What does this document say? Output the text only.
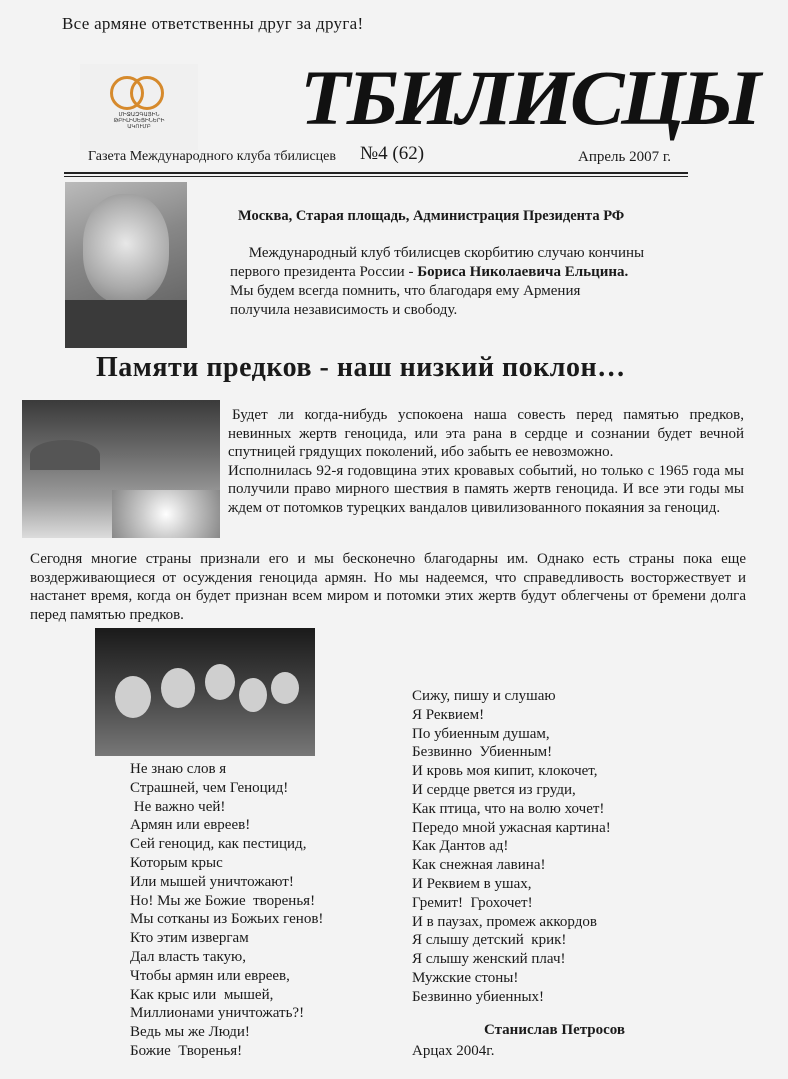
Все армяне ответственны друг за друга!
ՄԻՋԱԶԳԱՅԻՆ
ԹԲԻԼԻՍԵՑԻՆԵՐԻ
ԱԿՈՒՄԲ	ТБИЛИСЦЫ
Газета Международного клуба тбилисцев №4 (62)	Апрель 2007 г.
Москва, Старая площадь, Администрация Президента РФ

Международный клуб тбилисцев скорбитию случаю кончины

первого президента России - Бориса Николаевича Ельцина.

Мы будем всегда помнить, что благодаря ему Армения

получила независимость и свободу.

Памяти предков - наш низкий поклон…
Будет ли когда-нибудь успокоена наша совесть перед памятью предков, невинных жертв геноцида, или эта рана в сердце и сознании будет вечной спутницей грядущих поколений, ибо забыть ее невозможно.
Исполнилась 92-я годовщина этих кровавых событий, но только с 1965 года мы получили право мирного шествия в память жертв геноцида. И все эти годы мы ждем от потомков турецких вандалов цивилизованного покаяния за геноцид.
Сегодня многие страны признали его и мы бесконечно благодарны им. Однако есть страны пока еще воздерживающиеся от осуждения геноцида армян. Но мы надеемся, что справедливость восторжествует и настанет время, когда он будет признан всем миром и потомки этих жертв будут облегчены от бремени долга перед памятью предков.
Не знаю слов я
Страшней, чем Геноцид!
Не важно чей!
Армян или евреев!
Сей геноцид, как пестицид,
Которым крыс
Или мышей уничтожают!
Но! Мы же Божие  творенья!
Мы сотканы из Божьих генов!
Кто этим извергам
Дал власть такую,
Чтобы армян или евреев,
Как крыс или  мышей,
Миллионами уничтожать?!
Ведь мы же Люди!
Божие  Творенья!
Сижу, пишу и слушаю
Я Реквием!
По убиенным душам,
Безвинно  Убиенным!
И кровь моя кипит, клокочет,
И сердце рвется из груди,
Как птица, что на волю хочет!
Передо мной ужасная картина!
Как Дантов ад!
Как снежная лавина!
И Реквием в ушах,
Гремит!  Грохочет!
И в паузах, промеж аккордов
Я слышу детский  крик!
Я слышу женский плач!
Мужские стоны!
Безвинно убиенных!
Станислав Петросов
Арцах 2004г.
